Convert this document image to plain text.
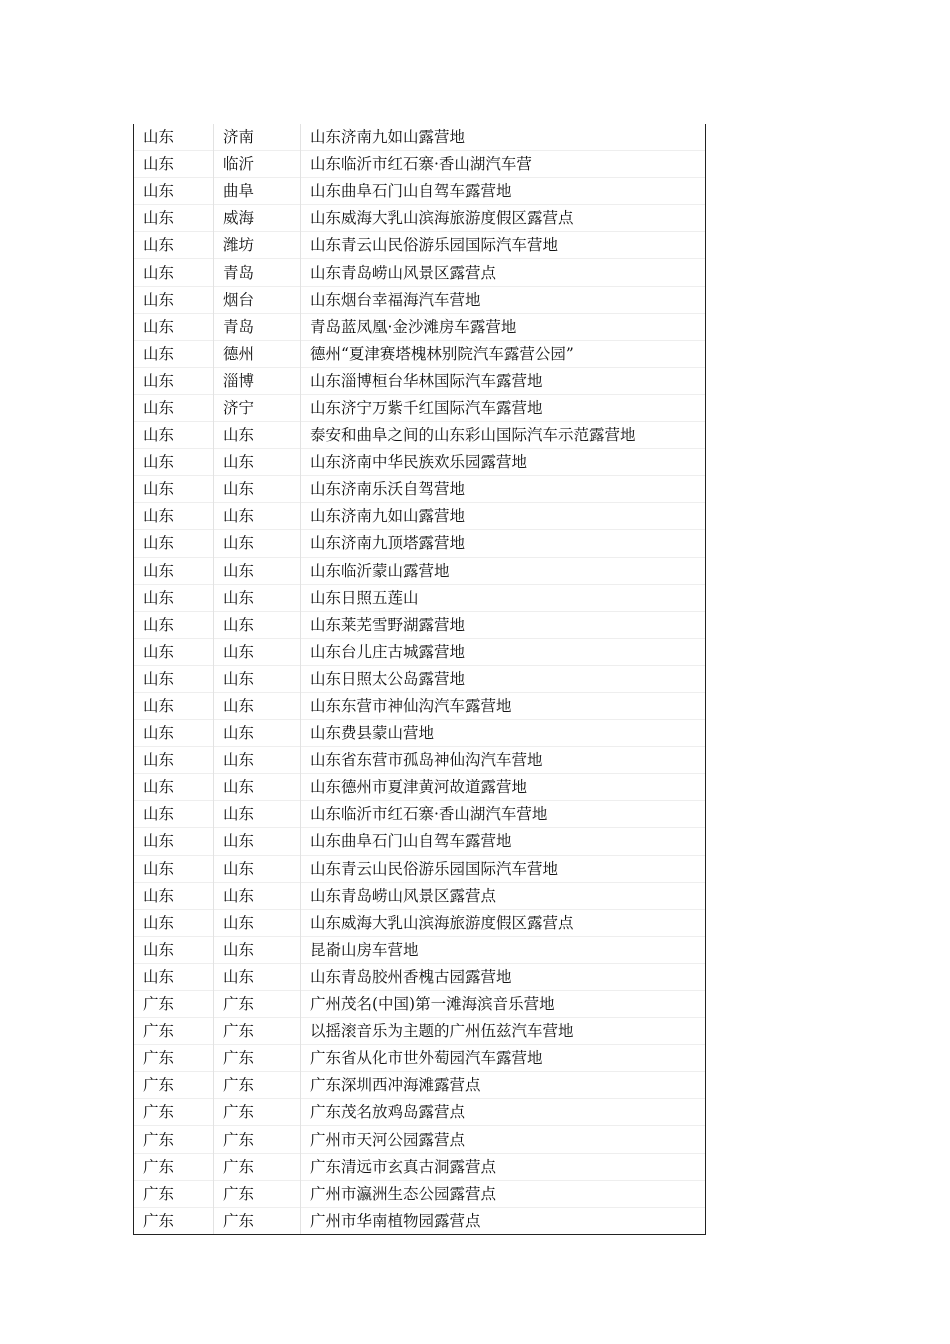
山东	济南	山东济南九如山露营地
山东	临沂	山东临沂市红石寨·香山湖汽车营
山东	曲阜	山东曲阜石门山自驾车露营地
山东	威海	山东威海大乳山滨海旅游度假区露营点
山东	潍坊	山东青云山民俗游乐园国际汽车营地
山东	青岛	山东青岛崂山风景区露营点
山东	烟台	山东烟台幸福海汽车营地
山东	青岛	青岛蓝凤凰·金沙滩房车露营地
山东	德州	德州“夏津赛塔槐林别院汽车露营公园”
山东	淄博	山东淄博桓台华林国际汽车露营地
山东	济宁	山东济宁万紫千红国际汽车露营地
山东	山东	泰安和曲阜之间的山东彩山国际汽车示范露营地
山东	山东	山东济南中华民族欢乐园露营地
山东	山东	山东济南乐沃自驾营地
山东	山东	山东济南九如山露营地
山东	山东	山东济南九顶塔露营地
山东	山东	山东临沂蒙山露营地
山东	山东	山东日照五莲山
山东	山东	山东莱芜雪野湖露营地
山东	山东	山东台儿庄古城露营地
山东	山东	山东日照太公岛露营地
山东	山东	山东东营市神仙沟汽车露营地
山东	山东	山东费县蒙山营地
山东	山东	山东省东营市孤岛神仙沟汽车营地
山东	山东	山东德州市夏津黄河故道露营地
山东	山东	山东临沂市红石寨·香山湖汽车营地
山东	山东	山东曲阜石门山自驾车露营地
山东	山东	山东青云山民俗游乐园国际汽车营地
山东	山东	山东青岛崂山风景区露营点
山东	山东	山东威海大乳山滨海旅游度假区露营点
山东	山东	昆嵛山房车营地
山东	山东	山东青岛胶州香槐古园露营地
广东	广东	广州茂名(中国)第一滩海滨音乐营地
广东	广东	以摇滚音乐为主题的广州伍兹汽车营地
广东	广东	广东省从化市世外萄园汽车露营地
广东	广东	广东深圳西冲海滩露营点
广东	广东	广东茂名放鸡岛露营点
广东	广东	广州市天河公园露营点
广东	广东	广东清远市玄真古洞露营点
广东	广东	广州市瀛洲生态公园露营点
广东	广东	广州市华南植物园露营点
